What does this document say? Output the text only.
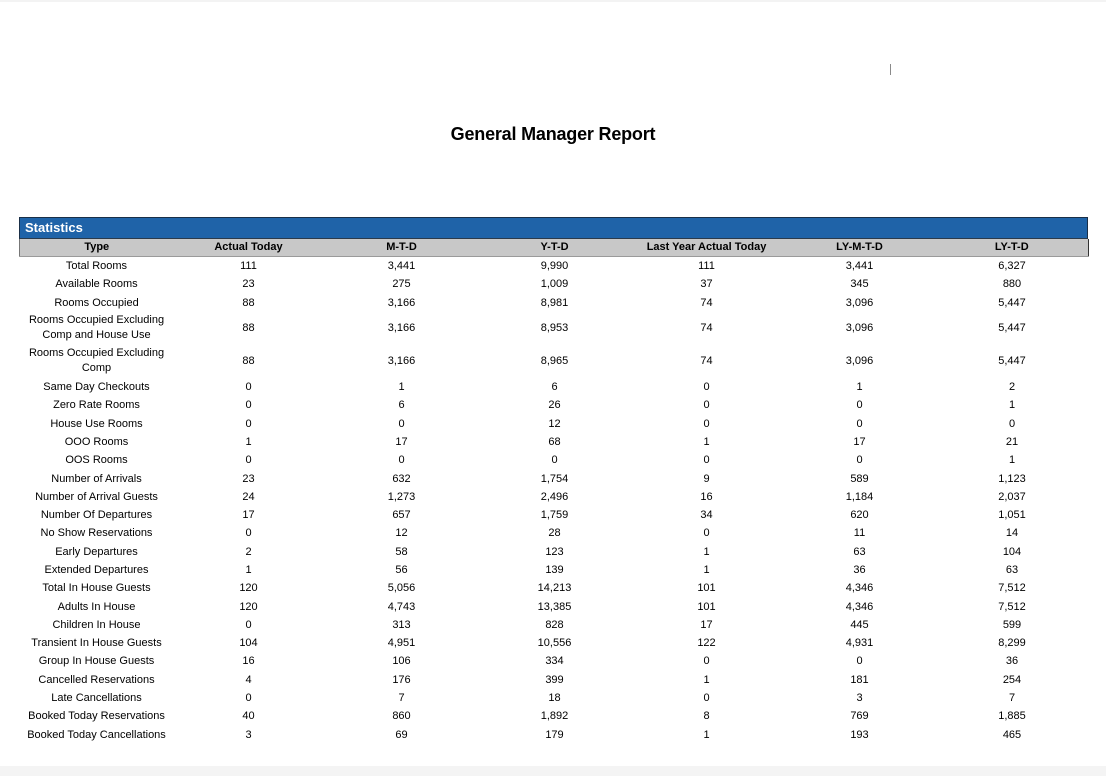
General Manager Report
Statistics
Type	Actual Today	M-T-D	Y-T-D	Last Year Actual Today	LY-M-T-D	LY-T-D
Total Rooms	111	3,441	9,990	111	3,441	6,327
Available Rooms	23	275	1,009	37	345	880
Rooms Occupied	88	3,166	8,981	74	3,096	5,447
Rooms Occupied Excluding
Comp and House Use	88	3,166	8,953	74	3,096	5,447
Rooms Occupied Excluding
Comp	88	3,166	8,965	74	3,096	5,447
Same Day Checkouts	0	1	6	0	1	2
Zero Rate Rooms	0	6	26	0	0	1
House Use Rooms	0	0	12	0	0	0
OOO Rooms	1	17	68	1	17	21
OOS Rooms	0	0	0	0	0	1
Number of Arrivals	23	632	1,754	9	589	1,123
Number of Arrival Guests	24	1,273	2,496	16	1,184	2,037
Number Of Departures	17	657	1,759	34	620	1,051
No Show Reservations	0	12	28	0	11	14
Early Departures	2	58	123	1	63	104
Extended Departures	1	56	139	1	36	63
Total In House Guests	120	5,056	14,213	101	4,346	7,512
Adults In House	120	4,743	13,385	101	4,346	7,512
Children In House	0	313	828	17	445	599
Transient In House Guests	104	4,951	10,556	122	4,931	8,299
Group In House Guests	16	106	334	0	0	36
Cancelled Reservations	4	176	399	1	181	254
Late Cancellations	0	7	18	0	3	7
Booked Today Reservations	40	860	1,892	8	769	1,885
Booked Today Cancellations	3	69	179	1	193	465
